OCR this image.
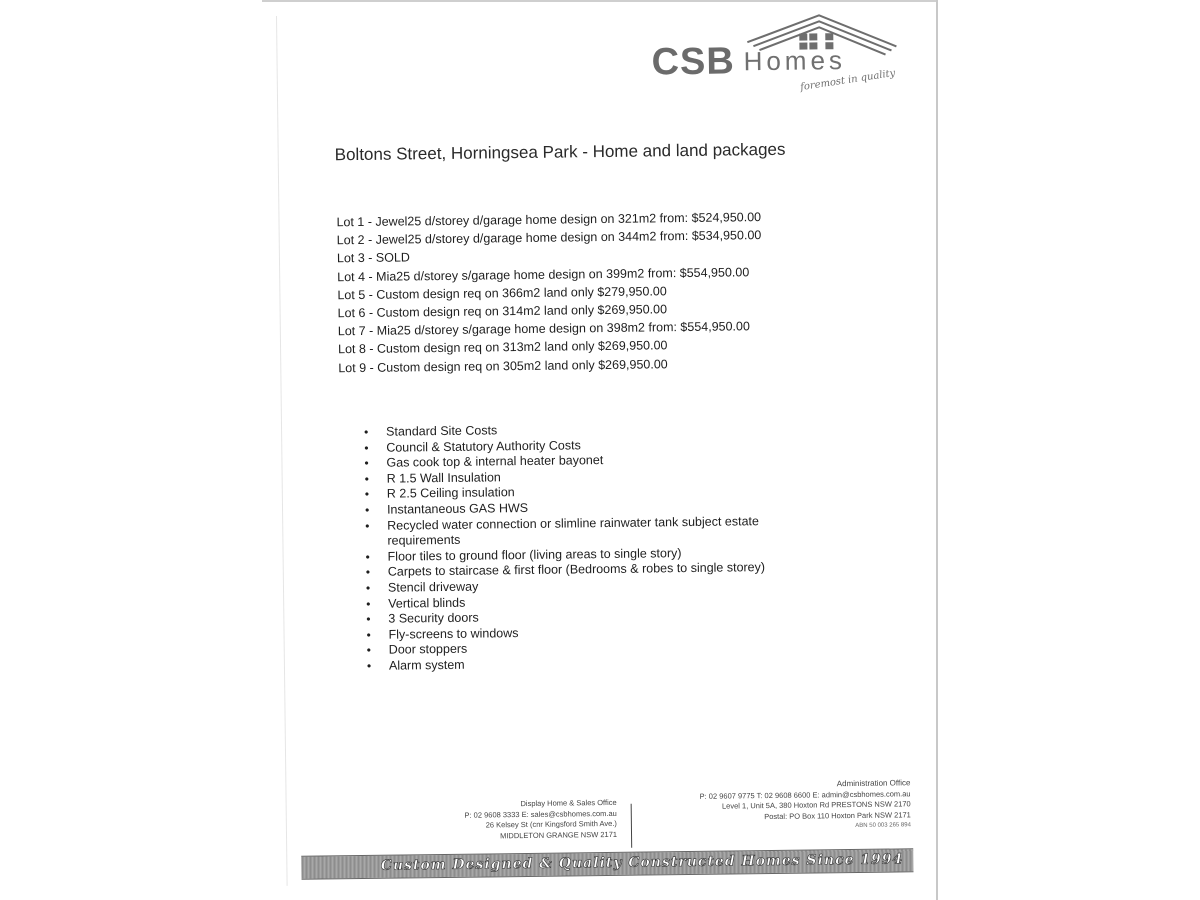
CSB Homes
foremost in quality
Boltons Street, Horningsea Park - Home and land packages
Lot 1 - Jewel25 d/storey d/garage home design on 321m2 from: $524,950.00
Lot 2 - Jewel25 d/storey d/garage home design on 344m2 from: $534,950.00
Lot 3 - SOLD
Lot 4 - Mia25 d/storey s/garage home design on 399m2 from: $554,950.00
Lot 5 - Custom design req on 366m2 land only $279,950.00
Lot 6 - Custom design req on 314m2 land only $269,950.00
Lot 7 - Mia25 d/storey s/garage home design on 398m2 from: $554,950.00
Lot 8 - Custom design req on 313m2 land only $269,950.00
Lot 9 - Custom design req on 305m2 land only $269,950.00
• Standard Site Costs
• Council & Statutory Authority Costs
• Gas cook top & internal heater bayonet
• R 1.5 Wall Insulation
• R 2.5 Ceiling insulation
• Instantaneous GAS HWS
• Recycled water connection or slimline rainwater tank subject estate requirements
• Floor tiles to ground floor (living areas to single story)
• Carpets to staircase & first floor (Bedrooms & robes to single storey)
• Stencil driveway
• Vertical blinds
• 3 Security doors
• Fly-screens to windows
• Door stoppers
• Alarm system
Display Home & Sales Office
P: 02 9608 3333 E: sales@csbhomes.com.au
26 Kelsey St (cnr Kingsford Smith Ave.)
MIDDLETON GRANGE NSW 2171
Administration Office
P: 02 9607 9775 T: 02 9608 6600 E: admin@csbhomes.com.au
Level 1, Unit 5A, 380 Hoxton Rd PRESTONS NSW 2170
Postal: PO Box 110 Hoxton Park NSW 2171
ABN 50 003 265 894
Custom Designed & Quality Constructed Homes Since 1994
